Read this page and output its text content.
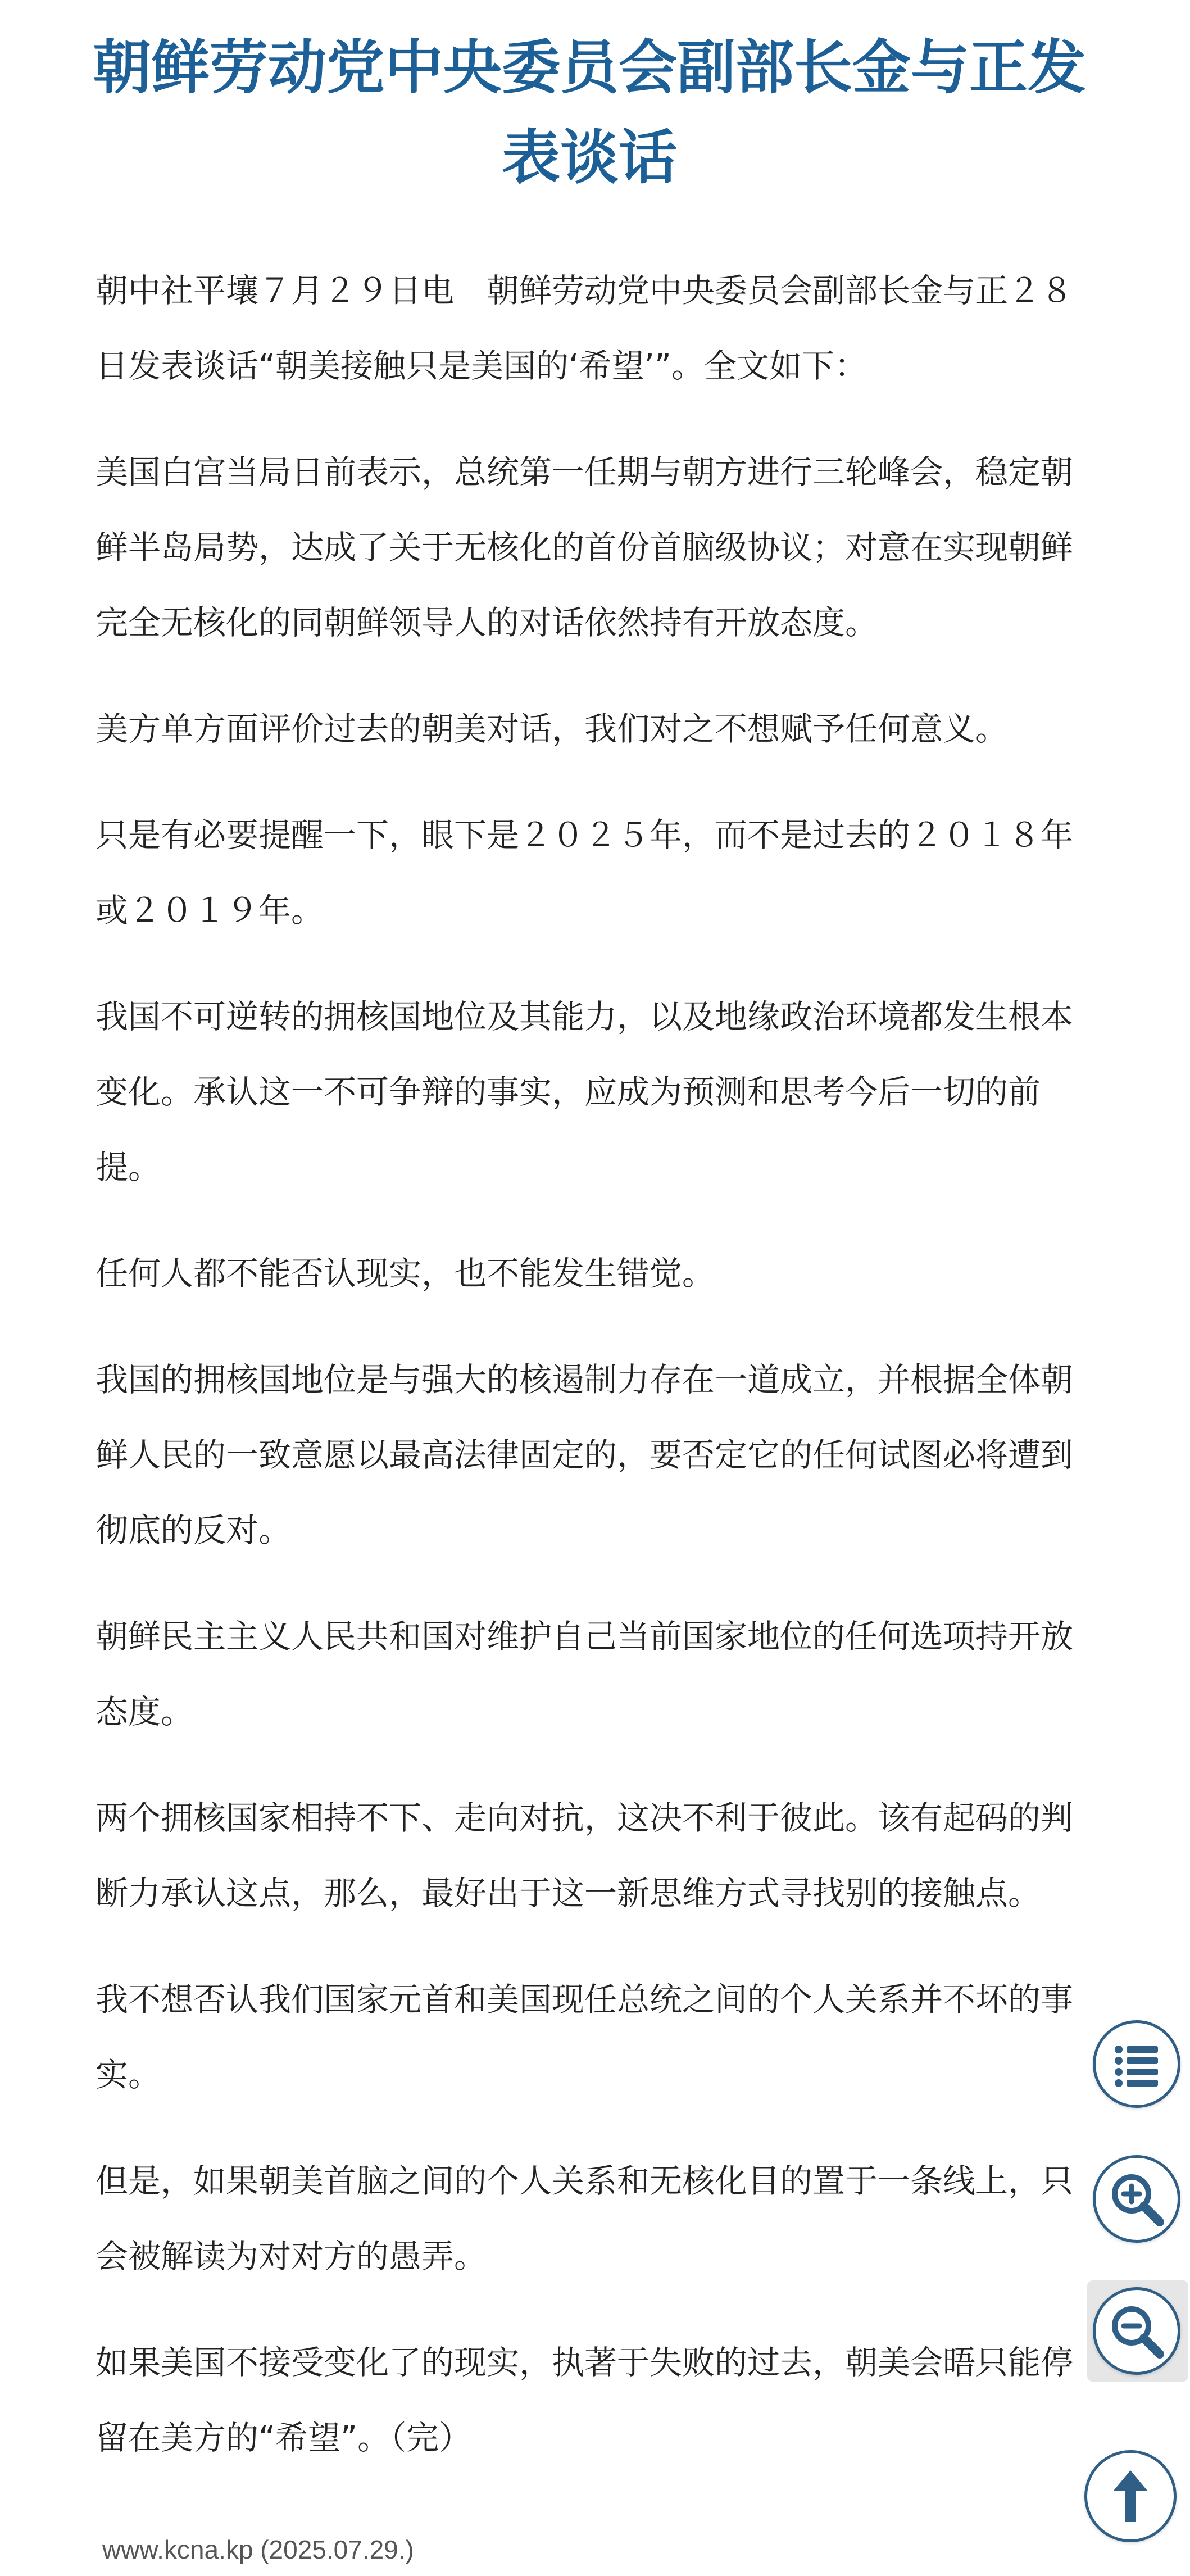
朝鲜劳动党中央委员会副部长金与正发表谈话

朝中社平壤７月２９日电　朝鲜劳动党中央委员会副部长金与正２８日发表谈话“朝美接触只是美国的‘希望’”。全文如下：

美国白宫当局日前表示，总统第一任期与朝方进行三轮峰会，稳定朝鲜半岛局势，达成了关于无核化的首份首脑级协议；对意在实现朝鲜完全无核化的同朝鲜领导人的对话依然持有开放态度。

美方单方面评价过去的朝美对话，我们对之不想赋予任何意义。

只是有必要提醒一下，眼下是２０２５年，而不是过去的２０１８年或２０１９年。

我国不可逆转的拥核国地位及其能力，以及地缘政治环境都发生根本变化。承认这一不可争辩的事实，应成为预测和思考今后一切的前提。

任何人都不能否认现实，也不能发生错觉。

我国的拥核国地位是与强大的核遏制力存在一道成立，并根据全体朝鲜人民的一致意愿以最高法律固定的，要否定它的任何试图必将遭到彻底的反对。

朝鲜民主主义人民共和国对维护自己当前国家地位的任何选项持开放态度。

两个拥核国家相持不下、走向对抗，这决不利于彼此。该有起码的判断力承认这点，那么，最好出于这一新思维方式寻找别的接触点。

我不想否认我们国家元首和美国现任总统之间的个人关系并不坏的事实。

但是，如果朝美首脑之间的个人关系和无核化目的置于一条线上，只会被解读为对对方的愚弄。

如果美国不接受变化了的现实，执著于失败的过去，朝美会晤只能停留在美方的“希望”。（完）

www.kcna.kp (2025.07.29.)
